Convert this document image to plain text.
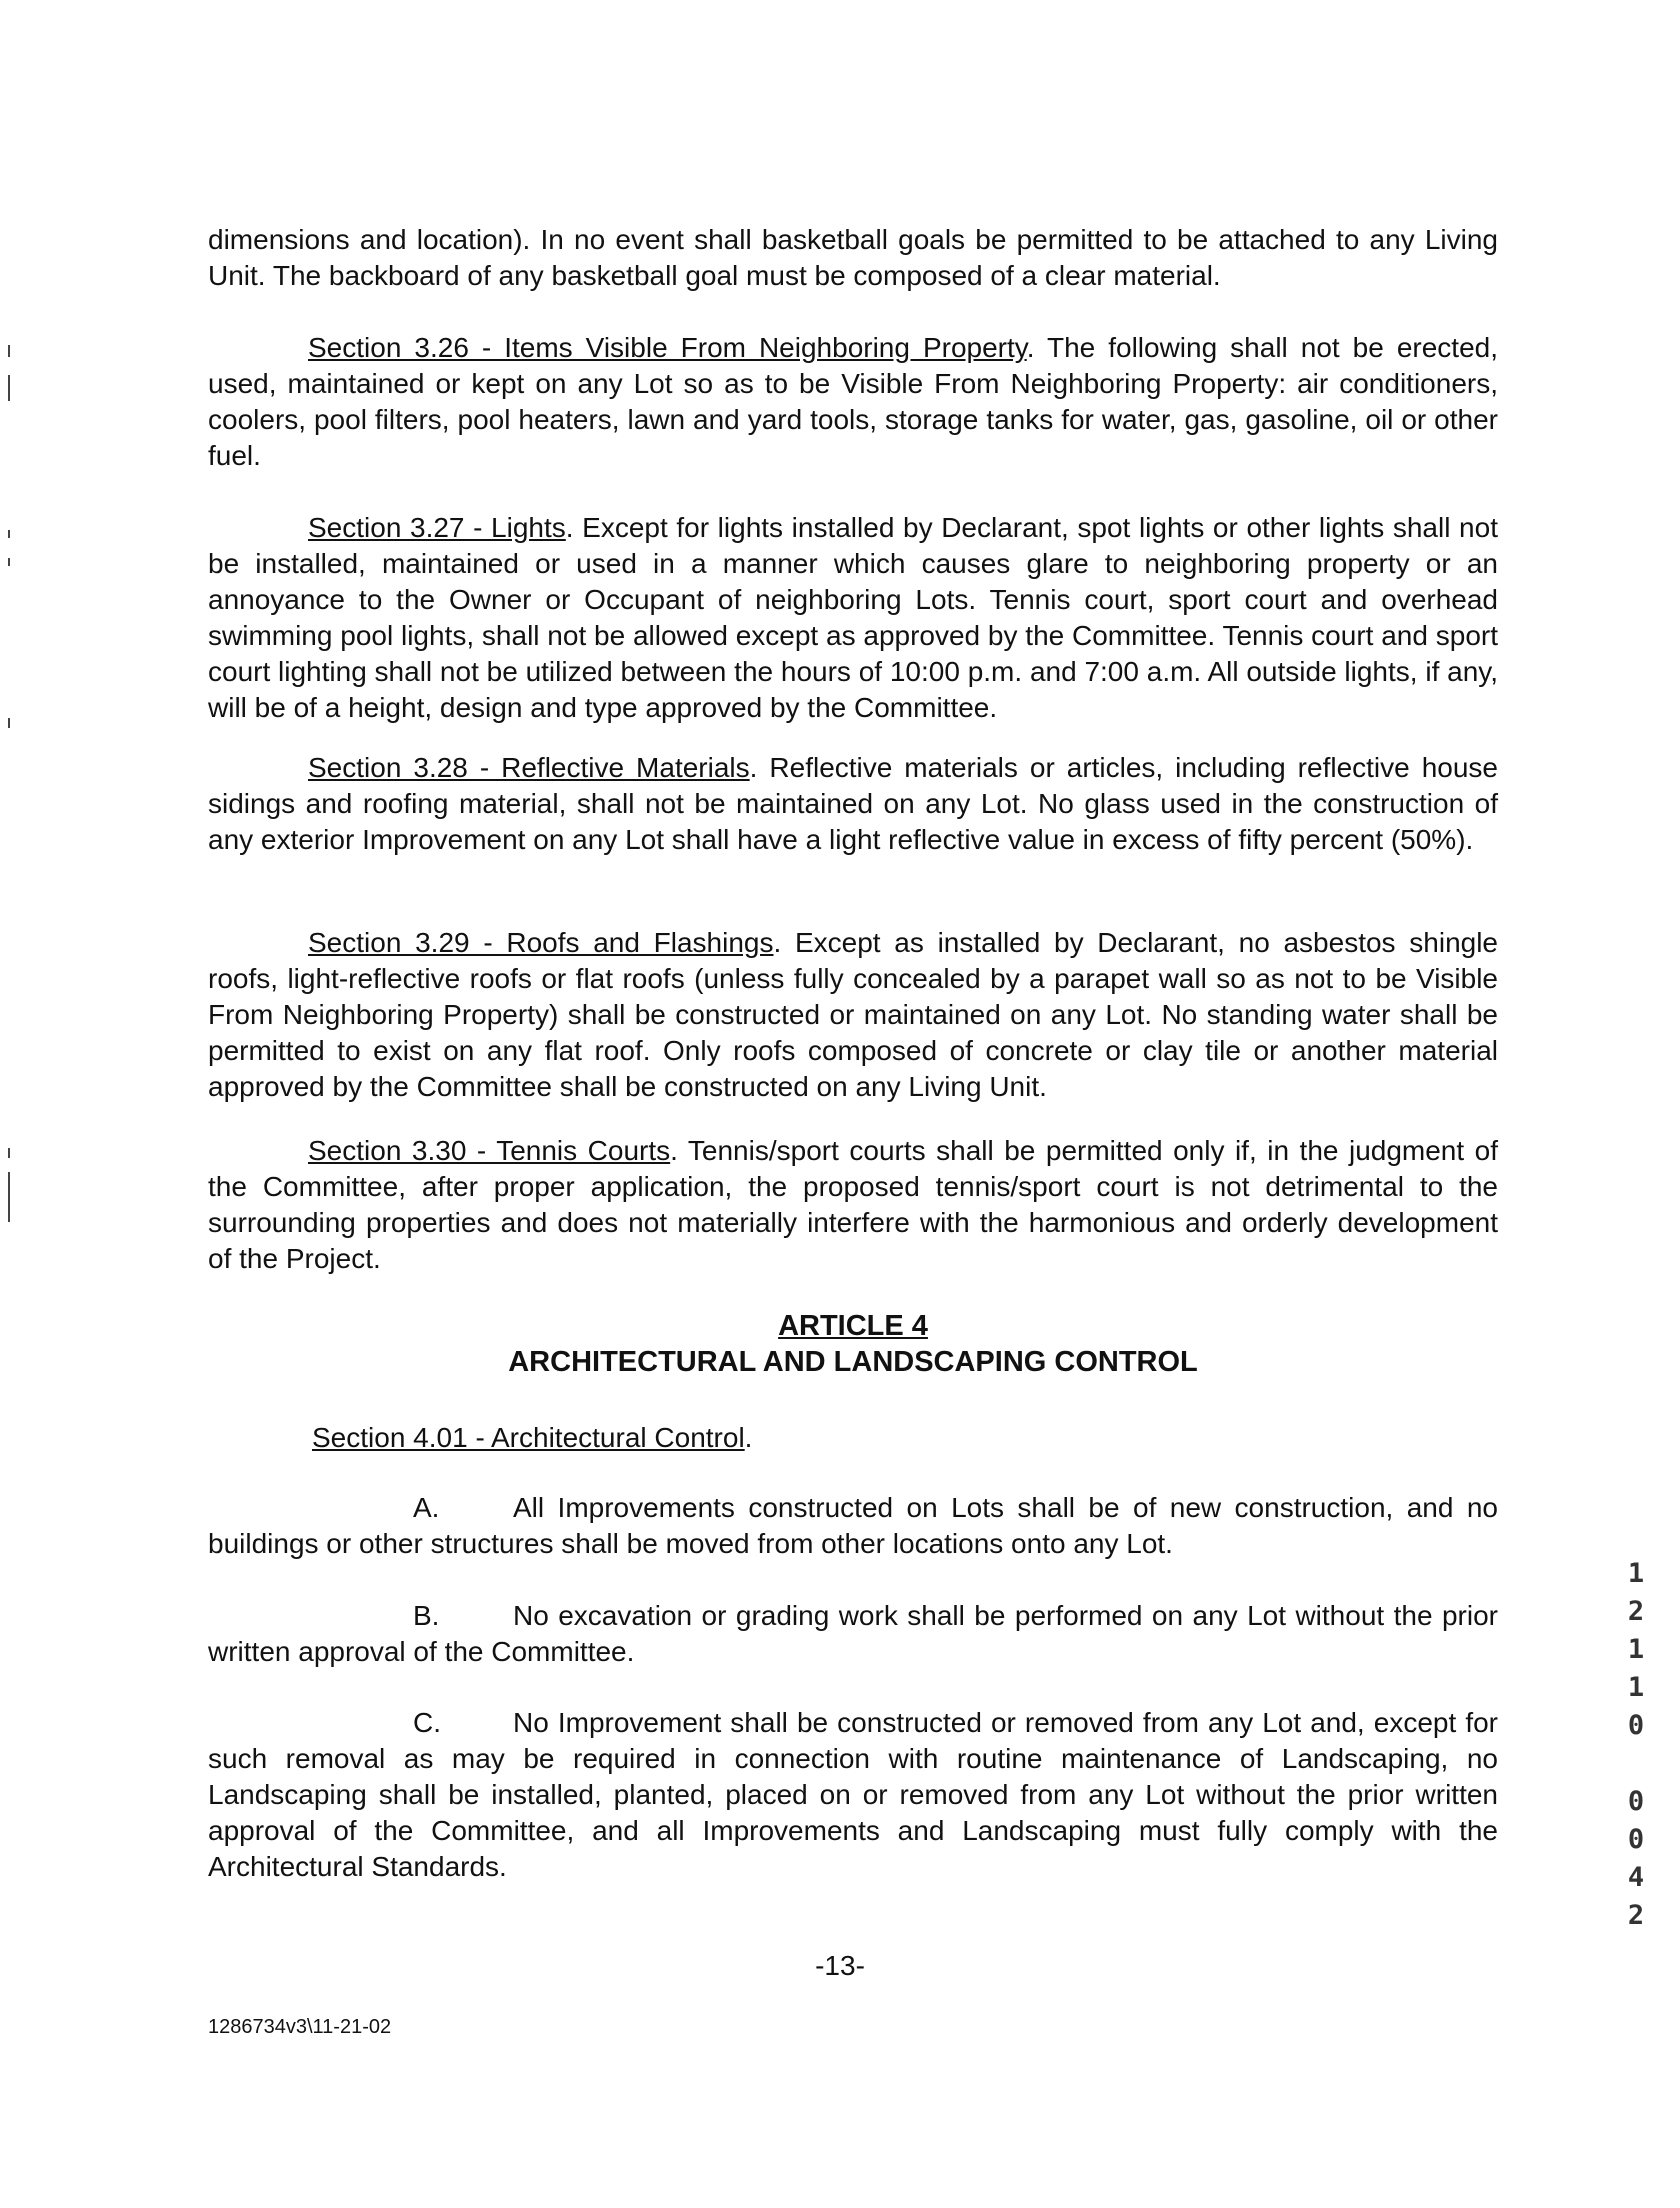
dimensions and location). In no event shall basketball goals be permitted to be attached to any Living Unit. The backboard of any basketball goal must be composed of a clear material.

Section 3.26 - Items Visible From Neighboring Property. The following shall not be erected, used, maintained or kept on any Lot so as to be Visible From Neighboring Property: air conditioners, coolers, pool filters, pool heaters, lawn and yard tools, storage tanks for water, gas, gasoline, oil or other fuel.

Section 3.27 - Lights. Except for lights installed by Declarant, spot lights or other lights shall not be installed, maintained or used in a manner which causes glare to neighboring property or an annoyance to the Owner or Occupant of neighboring Lots. Tennis court, sport court and overhead swimming pool lights, shall not be allowed except as approved by the Committee. Tennis court and sport court lighting shall not be utilized between the hours of 10:00 p.m. and 7:00 a.m. All outside lights, if any, will be of a height, design and type approved by the Committee.

Section 3.28 - Reflective Materials. Reflective materials or articles, including reflective house sidings and roofing material, shall not be maintained on any Lot. No glass used in the construction of any exterior Improvement on any Lot shall have a light reflective value in excess of fifty percent (50%).

Section 3.29 - Roofs and Flashings. Except as installed by Declarant, no asbestos shingle roofs, light-reflective roofs or flat roofs (unless fully concealed by a parapet wall so as not to be Visible From Neighboring Property) shall be constructed or maintained on any Lot. No standing water shall be permitted to exist on any flat roof. Only roofs composed of concrete or clay tile or another material approved by the Committee shall be constructed on any Living Unit.

Section 3.30 - Tennis Courts. Tennis/sport courts shall be permitted only if, in the judgment of the Committee, after proper application, the proposed tennis/sport court is not detrimental to the surrounding properties and does not materially interfere with the harmonious and orderly development of the Project.

ARTICLE 4

ARCHITECTURAL AND LANDSCAPING CONTROL

Section 4.01 - Architectural Control.

A.	All Improvements constructed on Lots shall be of new construction, and no buildings or other structures shall be moved from other locations onto any Lot.

B.	No excavation or grading work shall be performed on any Lot without the prior written approval of the Committee.

C.	No Improvement shall be constructed or removed from any Lot and, except for such removal as may be required in connection with routine maintenance of Landscaping, no Landscaping shall be installed, planted, placed on or removed from any Lot without the prior written approval of the Committee, and all Improvements and Landscaping must fully comply with the Architectural Standards.

-13-
1286734v3\11-21-02
1
2
1
1
0

0
0
4
2
